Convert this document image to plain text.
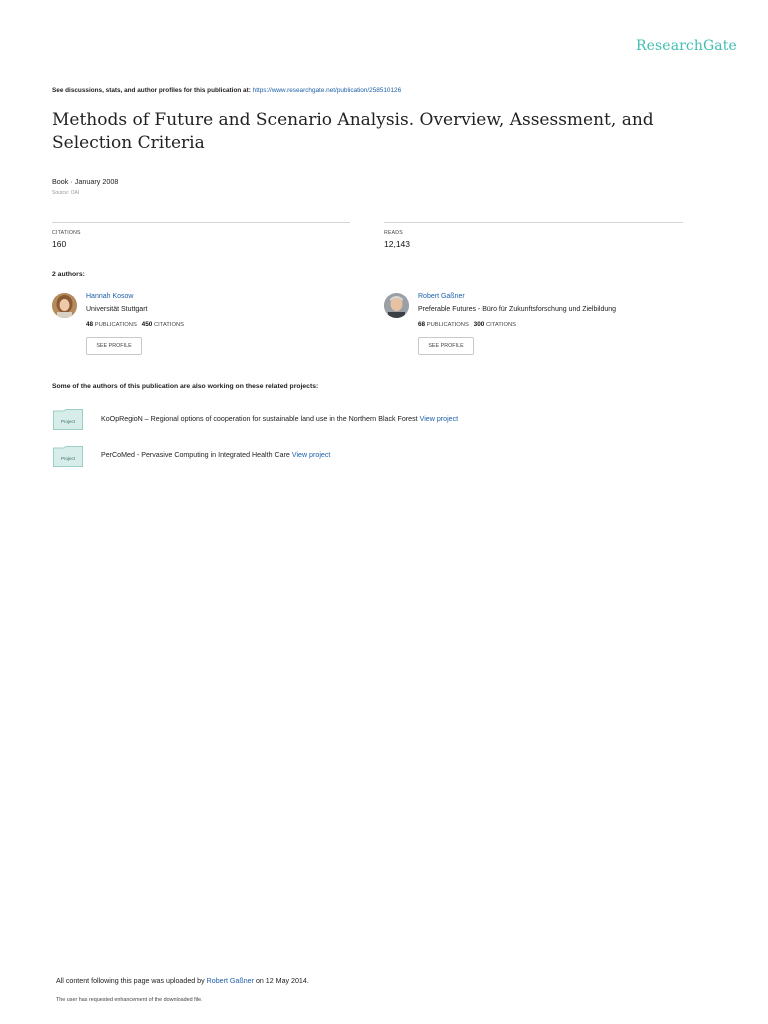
ResearchGate
See discussions, stats, and author profiles for this publication at: https://www.researchgate.net/publication/258510126
Methods of Future and Scenario Analysis. Overview, Assessment, and Selection Criteria
Book · January 2008
Source: OAI
CITATIONS
160
READS
12,143
2 authors:
Hannah Kosow
Universität Stuttgart
48 PUBLICATIONS 450 CITATIONS
SEE PROFILE
Robert Gaßner
Preferable Futures - Büro für Zukunftsforschung und Zielbildung
68 PUBLICATIONS 300 CITATIONS
SEE PROFILE
Some of the authors of this publication are also working on these related projects:
Project	KoOpRegioN – Regional options of cooperation for sustainable land use in the Northern Black Forest View project
Project	PerCoMed - Pervasive Computing in Integrated Health Care View project
All content following this page was uploaded by Robert Gaßner on 12 May 2014.
The user has requested enhancement of the downloaded file.
